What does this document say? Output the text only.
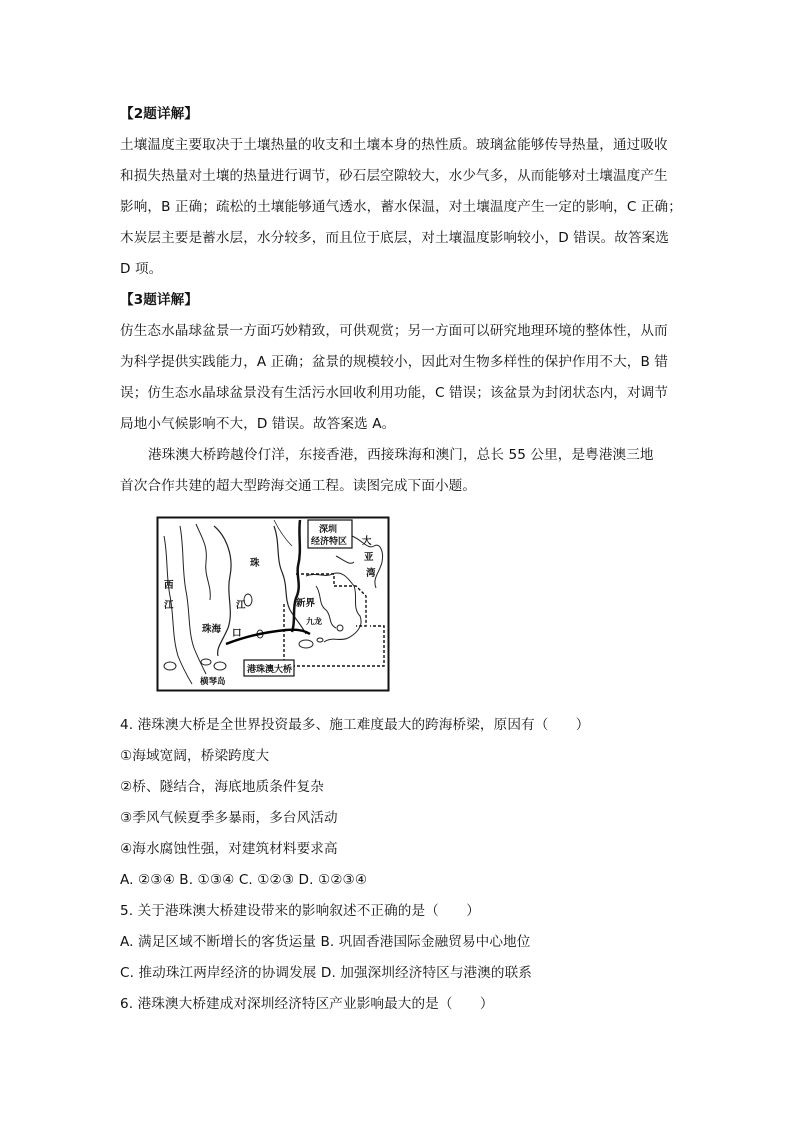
【2题详解】
土壤温度主要取决于土壤热量的收支和土壤本身的热性质。玻璃盆能够传导热量，通过吸收
和损失热量对土壤的热量进行调节，砂石层空隙较大，水少气多，从而能够对土壤温度产生
影响，B 正确；疏松的土壤能够通气透水，蓄水保温，对土壤温度产生一定的影响，C 正确；
木炭层主要是蓄水层，水分较多，而且位于底层，对土壤温度影响较小，D 错误。故答案选
D 项。
【3题详解】
仿生态水晶球盆景一方面巧妙精致，可供观赏；另一方面可以研究地理环境的整体性，从而
为科学提供实践能力，A 正确；盆景的规模较小，因此对生物多样性的保护作用不大，B 错
误；仿生态水晶球盆景没有生活污水回收利用功能，C 错误；该盆景为封闭状态内，对调节
局地小气候影响不大，D 错误。故答案选 A。
港珠澳大桥跨越伶仃洋，东接香港，西接珠海和澳门，总长 55 公里，是粤港澳三地
首次合作共建的超大型跨海交通工程。读图完成下面小题。
深圳
经济特区
西
江
珠
江
口
珠海
新界
九龙
大
亚
湾
横琴岛
港珠澳大桥
4. 港珠澳大桥是全世界投资最多、施工难度最大的跨海桥梁，原因有（　　）
①海域宽阔，桥梁跨度大
②桥、隧结合，海底地质条件复杂
③季风气候夏季多暴雨，多台风活动
④海水腐蚀性强，对建筑材料要求高
A. ②③④ B. ①③④ C. ①②③ D. ①②③④
5. 关于港珠澳大桥建设带来的影响叙述不正确的是（　　）
A. 满足区域不断增长的客货运量 B. 巩固香港国际金融贸易中心地位
C. 推动珠江两岸经济的协调发展 D. 加强深圳经济特区与港澳的联系
6. 港珠澳大桥建成对深圳经济特区产业影响最大的是（　　）
